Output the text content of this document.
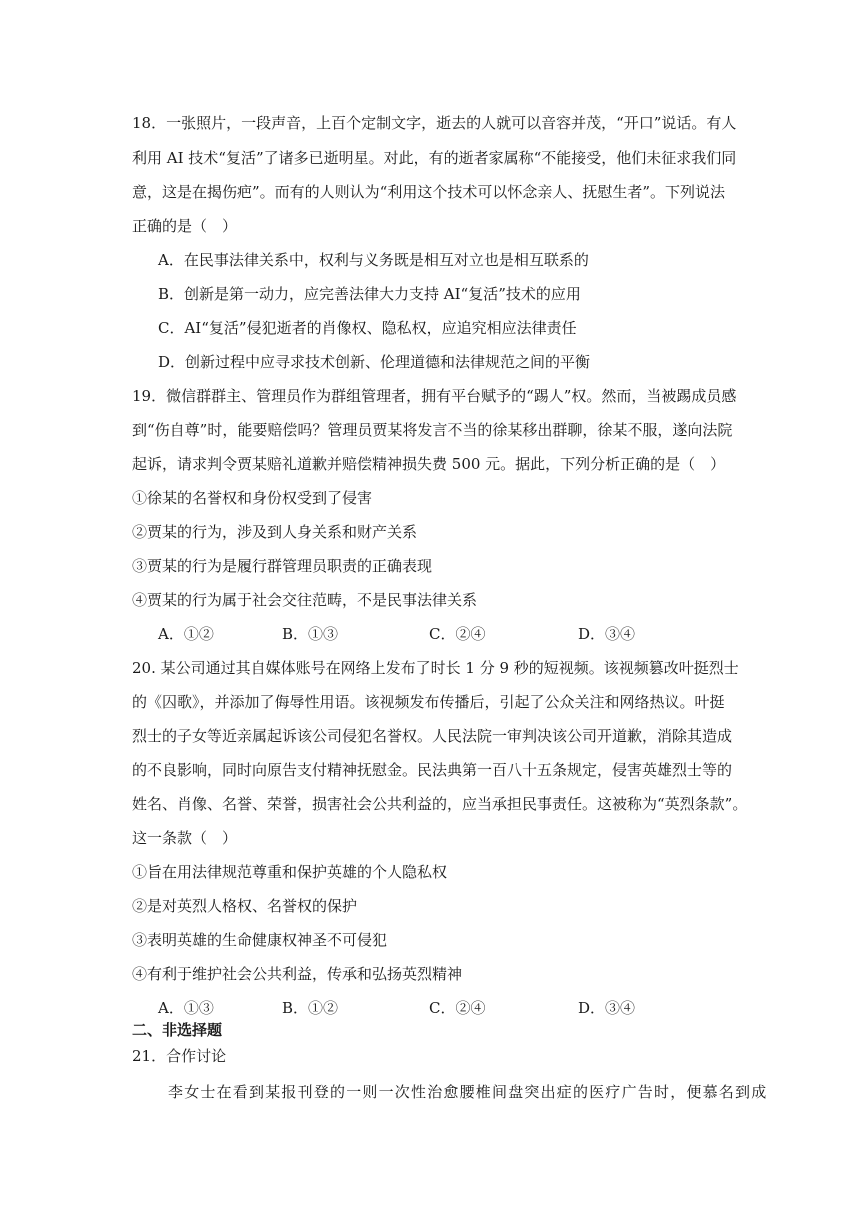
18．一张照片，一段声音，上百个定制文字，逝去的人就可以音容并茂，“开口”说话。有人
利用 AI 技术“复活”了诸多已逝明星。对此，有的逝者家属称“不能接受，他们未征求我们同
意，这是在揭伤疤”。而有的人则认为“利用这个技术可以怀念亲人、抚慰生者”。下列说法
正确的是（　）
A．在民事法律关系中，权利与义务既是相互对立也是相互联系的
B．创新是第一动力，应完善法律大力支持 AI“复活”技术的应用
C．AI“复活”侵犯逝者的肖像权、隐私权，应追究相应法律责任
D．创新过程中应寻求技术创新、伦理道德和法律规范之间的平衡
19．微信群群主、管理员作为群组管理者，拥有平台赋予的“踢人”权。然而，当被踢成员感
到“伤自尊”时，能要赔偿吗？管理员贾某将发言不当的徐某移出群聊，徐某不服，遂向法院
起诉，请求判令贾某赔礼道歉并赔偿精神损失费 500 元。据此，下列分析正确的是（　）
①徐某的名誉权和身份权受到了侵害
②贾某的行为，涉及到人身关系和财产关系
③贾某的行为是履行群管理员职责的正确表现
④贾某的行为属于社会交往范畴，不是民事法律关系
A．①②	B．①③	C．②④	D．③④
20. 某公司通过其自媒体账号在网络上发布了时长 1 分 9 秒的短视频。该视频篡改叶挺烈士
的《囚歌》，并添加了侮辱性用语。该视频发布传播后，引起了公众关注和网络热议。叶挺
烈士的子女等近亲属起诉该公司侵犯名誉权。人民法院一审判决该公司开道歉，消除其造成
的不良影响，同时向原告支付精神抚慰金。民法典第一百八十五条规定，侵害英雄烈士等的
姓名、肖像、名誉、荣誉，损害社会公共利益的，应当承担民事责任。这被称为“英烈条款”。
这一条款（　）
①旨在用法律规范尊重和保护英雄的个人隐私权
②是对英烈人格权、名誉权的保护
③表明英雄的生命健康权神圣不可侵犯
④有利于维护社会公共利益，传承和弘扬英烈精神
A．①③	B．①②	C．②④	D．③④
二、非选择题
21．合作讨论
李女士在看到某报刊登的一则一次性治愈腰椎间盘突出症的医疗广告时，便慕名到成
